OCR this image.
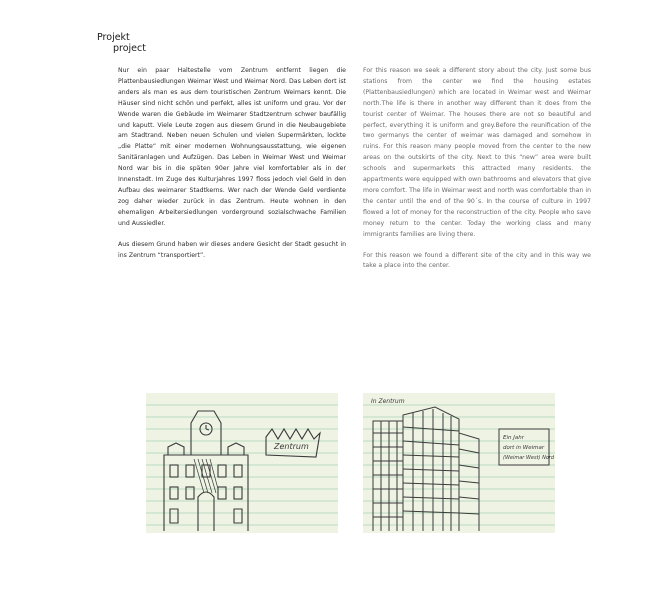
Projekt
project

Nur ein paar Haltestelle vom Zentrum entfernt liegen die Plattenbausiedlungen Weimar West und Weimar Nord. Das Leben dort ist anders als man es aus dem touristischen Zentrum Weimars kennt. Die Häuser sind nicht schön und perfekt, alles ist uniform und grau. Vor der Wende waren die Gebäude im Weimarer Stadtzentrum schwer baufällig und kaputt. Viele Leute zogen aus diesem Grund in die Neubaugebiete am Stadtrand. Neben neuen Schulen und vielen Supermärkten, lockte „die Platte“ mit einer modernen Wohnungsausstattung, wie eigenen Sanitäranlagen und Aufzügen. Das Leben in Weimar West und Weimar Nord war bis in die späten 90er Jahre viel komfortabler als in der Innenstadt. Im Zuge des Kulturjahres 1997 floss jedoch viel Geld in den Aufbau des weimarer Stadtkerns. Wer nach der Wende Geld verdiente zog daher wieder zurück in das Zentrum. Heute wohnen in den ehemaligen Arbeitersiedlungen vorderground sozialschwache Familien und Aussiedler.

Aus diesem Grund haben wir dieses andere Gesicht der Stadt gesucht in ins Zentrum “transportiert”.

For this reason we seek a different story about the city. Just some bus stations from the center we find the housing estates (Plattenbausiedlungen) which are located in Weimar west and Weimar north.The life is there in another way different than it does from the tourist center of Weimar. The houses there are not so beautiful and perfect, everything it is uniform and grey.Before the reunification of the two germanys the center of weimar was damaged and somehow in ruins. For this reason many people moved from the center to the new areas on the outskirts of the city. Next to this “new” area were built schools and supermarkets this attracted many residents. the appartments were equipped with own bathrooms and elevators that give more comfort. The life in Weimar west and north was comfortable than in the center until the end of the 90´s. In the course of culture in 1997 flowed a lot of money for the reconstruction of the city. People who save money return to the center. Today the working class and many immigrants families are living there.

For this reason we found a different site of the city and in this way we take a place into the center.

Zentrum
In Zentrum
Ein Jahr
dort in Weimar
(Weimar West) Nord
